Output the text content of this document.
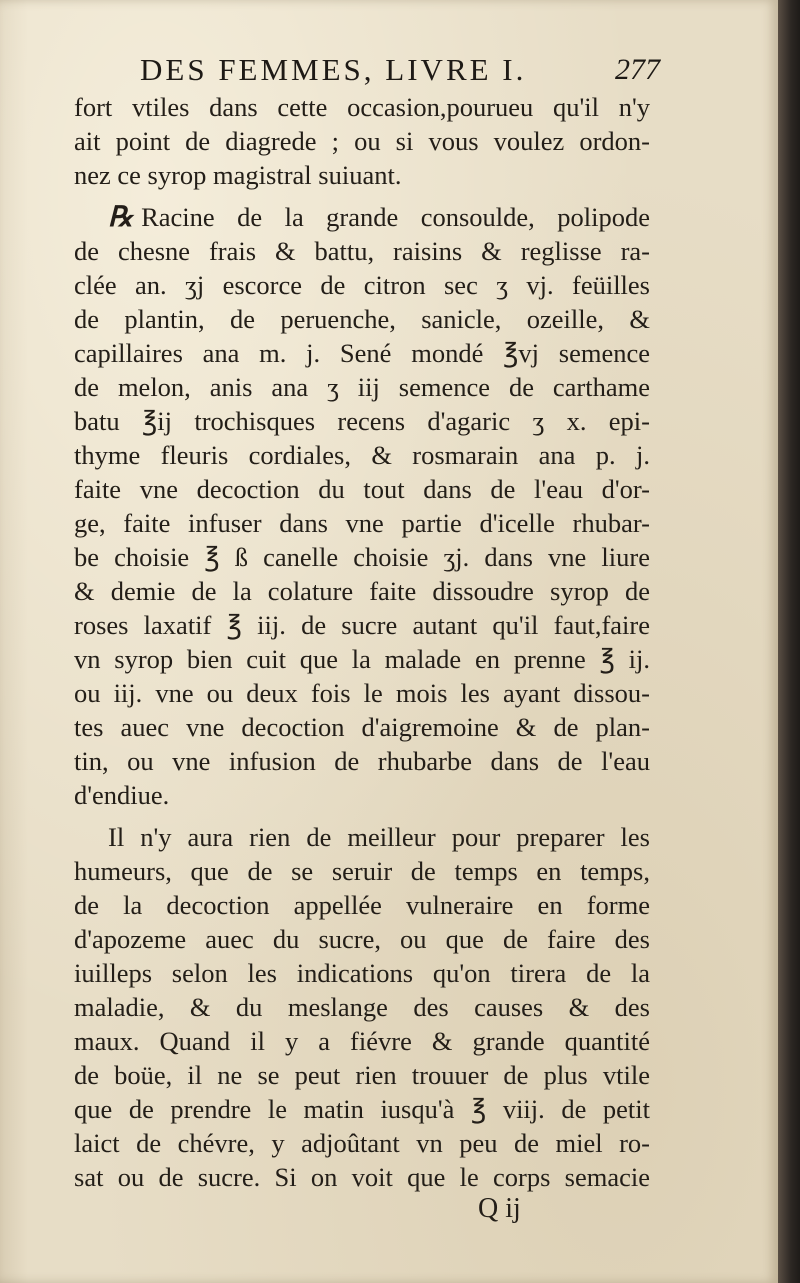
DES FEMMES, LIVRE I.	277
fort vtiles dans cette occasion,pourueu qu'il n'y
ait point de diagrede ; ou si vous voulez ordon-
nez ce syrop magistral suiuant.
℞ Racine de la grande consoulde, polipode
de chesne frais & battu, raisins & reglisse ra-
clée an. ʒj escorce de citron sec ʒ vj. feüilles
de plantin, de peruenche, sanicle, ozeille, &
capillaires ana m. j. Sené mondé ℥vj semence
de melon, anis ana ʒ iij semence de carthame
batu ℥ij trochisques recens d'agaric ʒ x. epi-
thyme fleuris cordiales, & rosmarain ana p. j.
faite vne decoction du tout dans de l'eau d'or-
ge, faite infuser dans vne partie d'icelle rhubar-
be choisie ℥ ß canelle choisie ʒj. dans vne liure
& demie de la colature faite dissoudre syrop de
roses laxatif ℥ iij. de sucre autant qu'il faut,faire
vn syrop bien cuit que la malade en prenne ℥ ij.
ou iij. vne ou deux fois le mois les ayant dissou-
tes auec vne decoction d'aigremoine & de plan-
tin, ou vne infusion de rhubarbe dans de l'eau
d'endiue.
Il n'y aura rien de meilleur pour preparer les
humeurs, que de se seruir de temps en temps,
de la decoction appellée vulneraire en forme
d'apozeme auec du sucre, ou que de faire des
iuilleps selon les indications qu'on tirera de la
maladie, & du meslange des causes & des
maux. Quand il y a fiévre & grande quantité
de boüe, il ne se peut rien trouuer de plus vtile
que de prendre le matin iusqu'à ℥ viij. de petit
laict de chévre, y adjoûtant vn peu de miel ro-
sat ou de sucre. Si on voit que le corps semacie
Q ij
